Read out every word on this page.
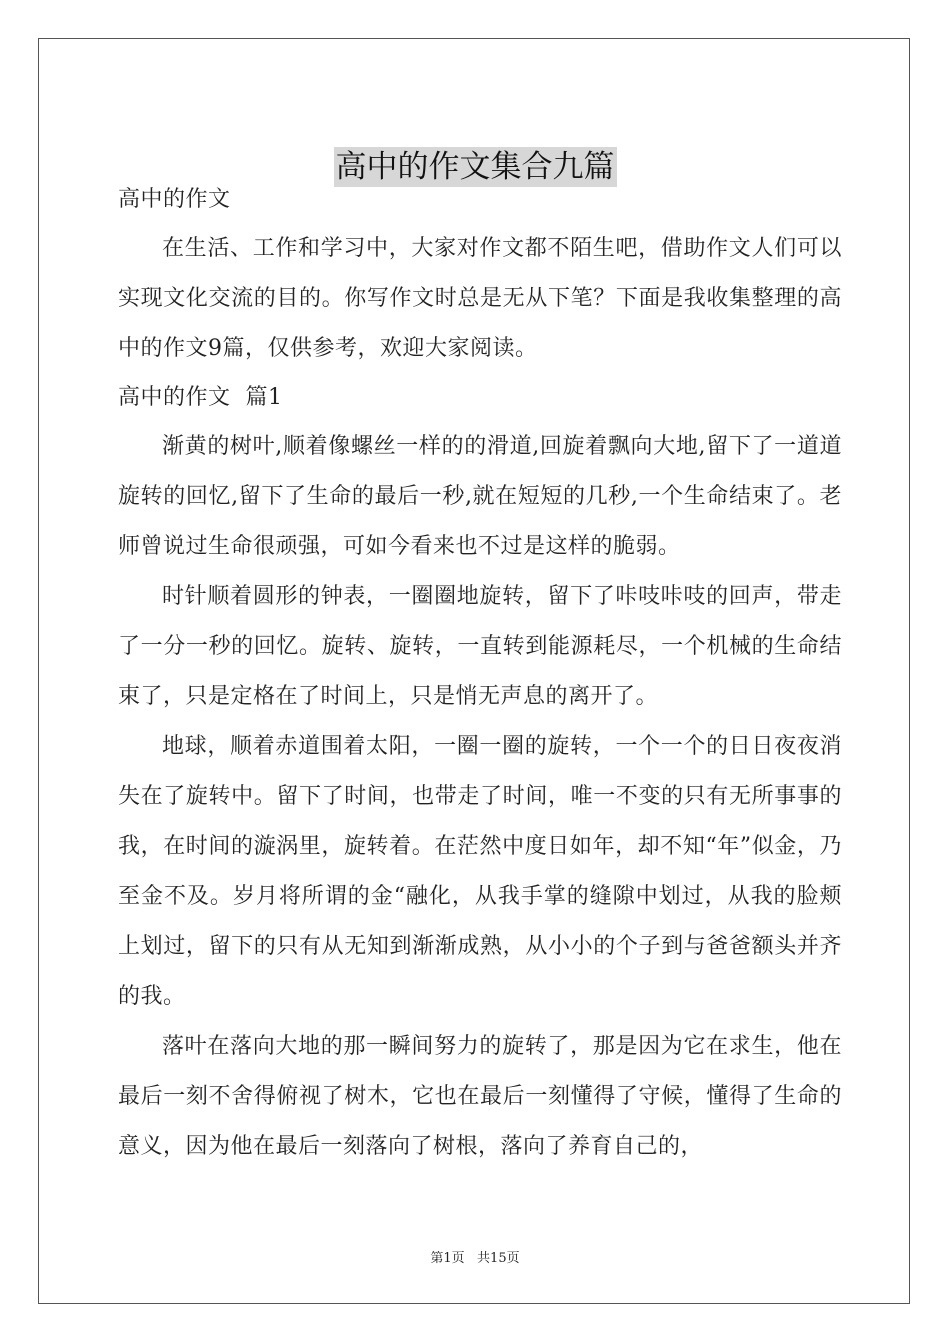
高中的作文集合九篇

高中的作文

在生活、工作和学习中，大家对作文都不陌生吧，借助作文人们可以实现文化交流的目的。你写作文时总是无从下笔？下面是我收集整理的高中的作文9篇，仅供参考，欢迎大家阅读。

高中的作文  篇1

渐黄的树叶,顺着像螺丝一样的的滑道,回旋着飘向大地,留下了一道道旋转的回忆,留下了生命的最后一秒,就在短短的几秒,一个生命结束了。老师曾说过生命很顽强，可如今看来也不过是这样的脆弱。

时针顺着圆形的钟表，一圈圈地旋转，留下了咔吱咔吱的回声，带走了一分一秒的回忆。旋转、旋转，一直转到能源耗尽，一个机械的生命结束了，只是定格在了时间上，只是悄无声息的离开了。

地球，顺着赤道围着太阳，一圈一圈的旋转，一个一个的日日夜夜消失在了旋转中。留下了时间，也带走了时间，唯一不变的只有无所事事的我，在时间的漩涡里，旋转着。在茫然中度日如年，却不知“年”似金，乃至金不及。岁月将所谓的金“融化，从我手掌的缝隙中划过，从我的脸颊上划过，留下的只有从无知到渐渐成熟，从小小的个子到与爸爸额头并齐的我。

落叶在落向大地的那一瞬间努力的旋转了，那是因为它在求生，他在最后一刻不舍得俯视了树木，它也在最后一刻懂得了守候，懂得了生命的意义，因为他在最后一刻落向了树根，落向了养育自己的，

第1页   共15页
